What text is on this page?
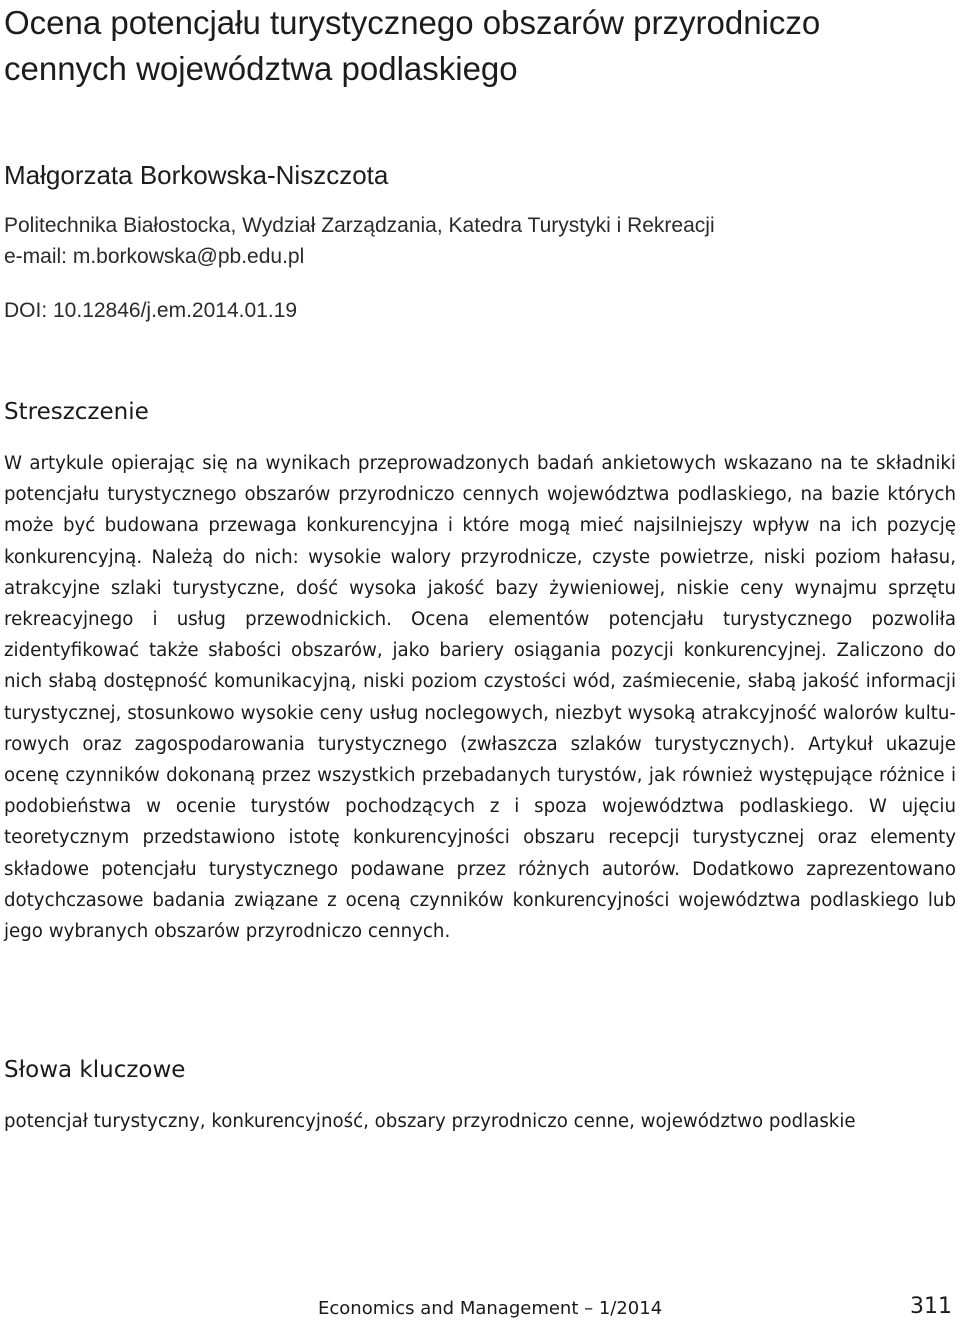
Ocena potencjału turystycznego obszarów przyrodniczo cennych województwa podlaskiego
Małgorzata Borkowska-Niszczota
Politechnika Białostocka, Wydział Zarządzania, Katedra Turystyki i Rekreacji
e-mail: m.borkowska@pb.edu.pl
DOI: 10.12846/j.em.2014.01.19
Streszczenie

W artykule opierając się na wynikach przeprowadzonych badań ankietowych wskazano na te składniki potencjału turystycznego obszarów przyrodniczo cennych województwa podlaskiego, na bazie których może być budowana przewaga konkurencyjna i które mogą mieć najsilniejszy wpływ na ich pozycję konkurencyjną. Należą do nich: wysokie walory przyrodnicze, czyste powietrze, niski poziom hałasu, atrakcyjne szlaki turystyczne, dość wysoka jakość bazy żywieniowej, niskie ceny wynajmu sprzętu rekreacyjnego i usług przewodnickich. Ocena elementów potencjału turystycznego pozwoliła zidentyfikować także słabości obszarów, jako bariery osiągania pozycji konkurencyjnej. Zaliczono do nich słabą dostępność komunikacyjną, niski poziom czystości wód, zaśmiecenie, słabą jakość informacji turystycznej, stosunkowo wysokie ceny usług noclegowych, niezbyt wysoką atrakcyjność walorów kulturowych oraz zagospodarowania turystycznego (zwłaszcza szlaków turystycznych). Artykuł ukazuje ocenę czynników dokonaną przez wszystkich przebadanych turystów, jak również występujące różnice i podobieństwa w ocenie turystów pochodzących z i spoza województwa podlaskiego. W ujęciu teoretycznym przedstawiono istotę konkurencyjności obszaru recepcji turystycznej oraz elementy składowe potencjału turystycznego podawane przez różnych autorów. Dodatkowo zaprezentowano dotychczasowe badania związane z oceną czynników konkurencyjności województwa podlaskiego lub jego wybranych obszarów przyrodniczo cennych.

Słowa kluczowe

potencjał turystyczny, konkurencyjność, obszary przyrodniczo cenne, województwo podlaskie

Economics and Management – 1/2014	311
